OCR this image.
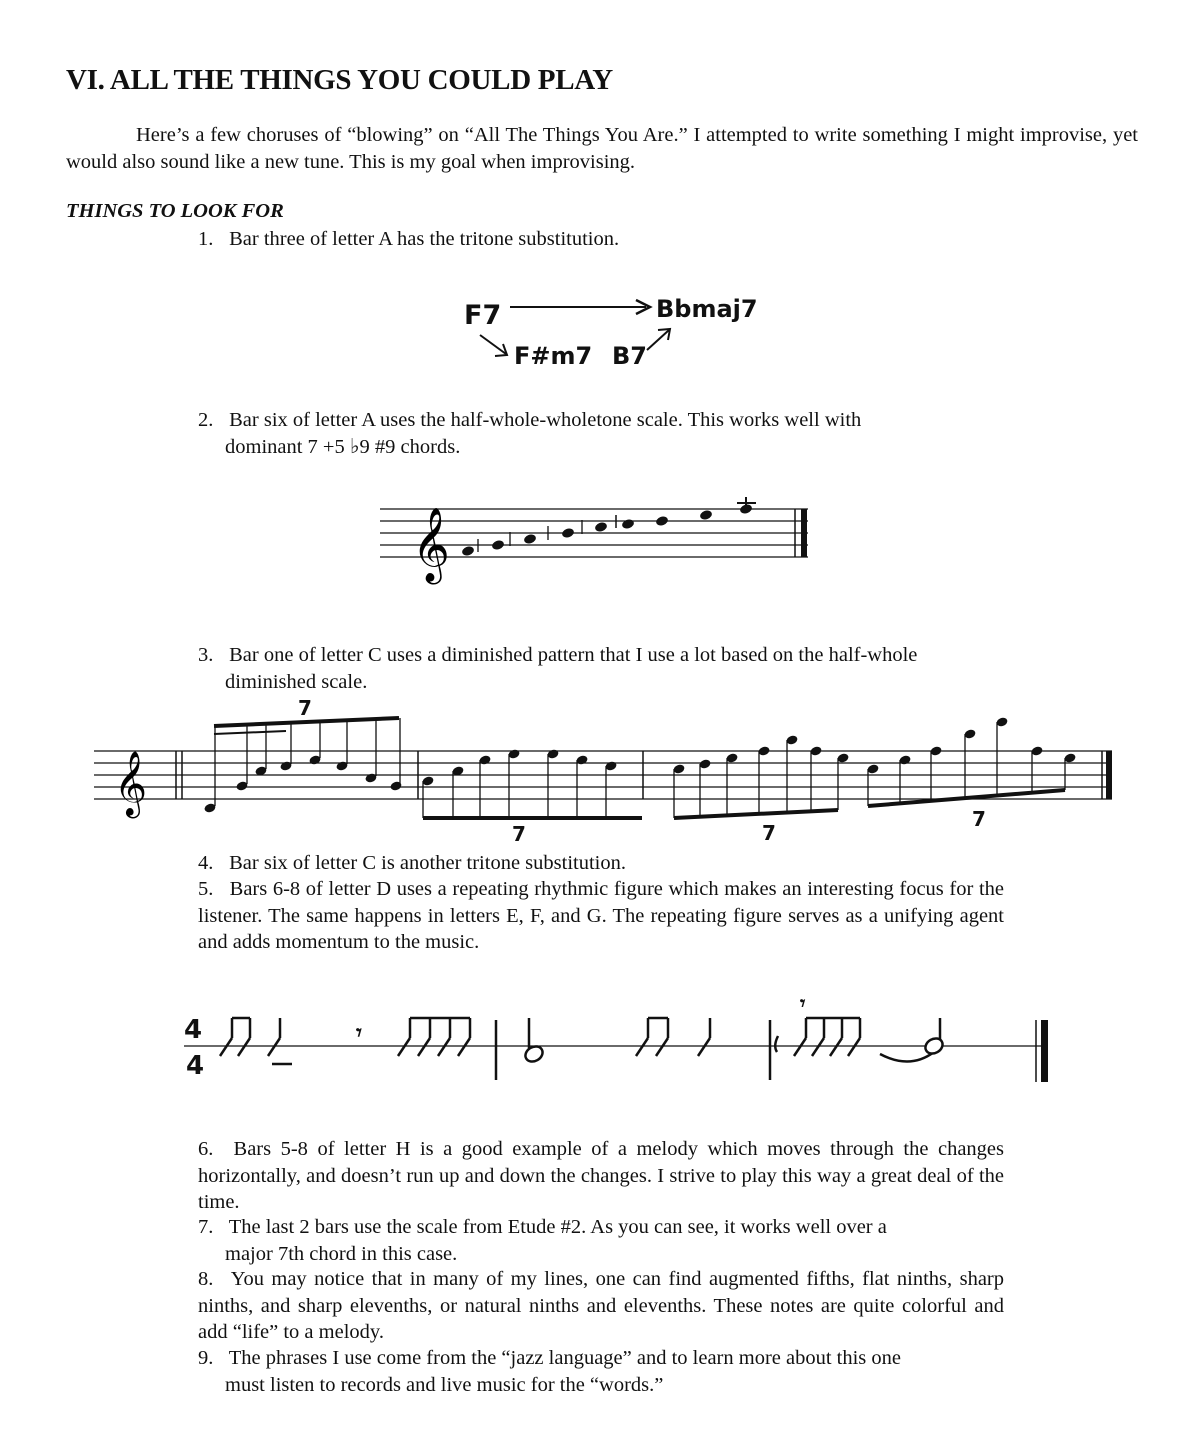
VI. ALL THE THINGS YOU COULD PLAY
Here’s a few choruses of “blowing” on “All The Things You Are.” I attempted to write something I might improvise, yet would also sound like a new tune. This is my goal when improvising.
THINGS TO LOOK FOR
1. Bar three of letter A has the tritone substitution.
F7	Bbmaj7
F#m7 B7
2. Bar six of letter A uses the half-whole-wholetone scale. This works well with
dominant 7 +5 ♭9 #9 chords.
𝄞
3. Bar one of letter C uses a diminished pattern that I use a lot based on the half-whole
diminished scale.
𝄞
7
7	7
7
4. Bar six of letter C is another tritone substitution.
5. Bars 6-8 of letter D uses a repeating rhythmic figure which makes an interesting focus for the listener. The same happens in letters E, F, and G. The repeating figure serves as a unifying agent and adds momentum to the music.
4
4
𝄾
𝄾
6. Bars 5-8 of letter H is a good example of a melody which moves through the changes horizontally, and doesn’t run up and down the changes. I strive to play this way a great deal of the time.
7. The last 2 bars use the scale from Etude #2. As you can see, it works well over a
major 7th chord in this case.
8. You may notice that in many of my lines, one can find augmented fifths, flat ninths, sharp ninths, and sharp elevenths, or natural ninths and elevenths. These notes are quite colorful and add “life” to a melody.
9. The phrases I use come from the “jazz language” and to learn more about this one
must listen to records and live music for the “words.”
